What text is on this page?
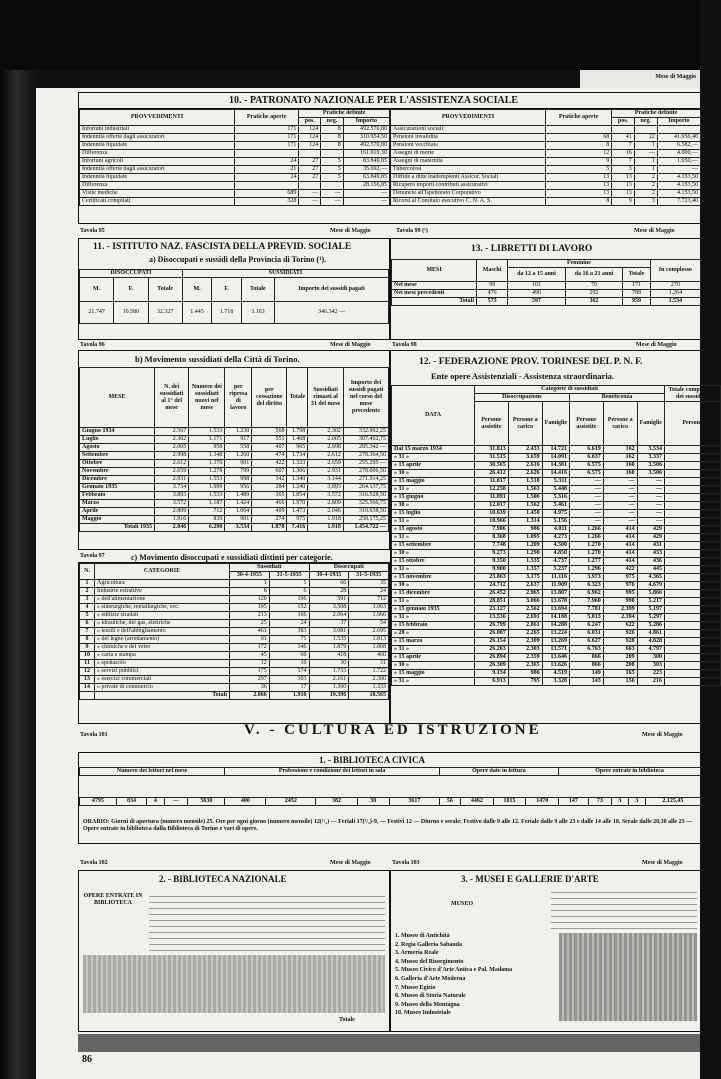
Mese di Maggio
10. - PATRONATO NAZIONALE PER L'ASSISTENZA SOCIALE
PROVVEDIMENTI	Pratiche aperte	Pratiche definite		
		pos.	neg.	Importo
Infortuni industriali	171	124	8	492.570,80
Indennità offerte dagli assicuratori	171	124	8	310.954,50
Indennità liquidate	171	124	8	492.570,80
Differenza				161.919,30
Infortuni agricoli	24	27	5	83.849,85
Indennità offerte dagli assicuratori	21	27	5	35.692,—
Indennità liquidate	24	27	5	63.849,85
Differenza				28.156,85
Visite mediche	689	—	—	—
Certificati compilati	328	—	—	—
PROVVEDIMENTI	Pratiche aperte	Pratiche definite		
		pos.	neg.	Importo
Assicurazioni sociali:				
Pensioni invalidità	68	41	22	41.056,40
Pensioni vecchiaia	8	7	1	6.582,—
Assegni di morte	12	16	—	4.000,—
Assegni di maternità	9	7	1	1.050,—
Tubercolosi	5	3	1	—
Diffide a ditte inadempienti Assicur. Sociali	13	13	2	4.153,50
Ricupero importi contributi assicurativi	13	13	2	4.153,50
Denuncie all'Ispettorato Corporativo	13	13	2	4.153,50
Ricorsi al Comitato esecutivo C. N. A. S.	8	9	3	7.723,40
Tavola 95	Mese di Maggio	Tavola 99 (¹)	Mese di Maggio
11. - ISTITUTO NAZ. FASCISTA DELLA PREVID. SOCIALE
a) Disoccupati e sussidi della Provincia di Torino (¹).
DISOCCUPATI			SUSSIDIATI			
M.	F.	Totale	M.	F.	Totale	Importo dei sussidi pagati
21.747	10.580	32.327	1.445	1.718	3.163	346.342 —
Tavola 96	Mese di Maggio
13. - LIBRETTI DI LAVORO
MESI	Maschi	Femmine			In complesso
		da 12 a 15 anni	da 16 a 21 anni	Totale	
Nel mese	99	101	70	171	270
Nei mesi precedenti	476	496	292	788	1.264
Totali	575	597	362	959	1.534
Tavola 98	Mese di Maggio
b) Movimento sussidiati della Città di Torino.
MESE	N. dei sussidiati al 1° del mese	Numero dei sussidiati nuovi nel mese	per ripresa di lavoro	per cessazione del diritto	Totale	Sussidiati rimasti al 31 del mese	Importo dei sussidi pagati nel corso del mese precedente
Giugno 1934	2.567	1.533	1.230	568	1.798	2.302	332.962,25
Luglio	2.302	1.171	917	551	1.468	2.005	307.462,75
Agosto	2.005	958	558	407	965	2.998	285.342 —
Settembre	2.998	1.348	1.260	474	1.734	2.612	278.364,50
Ottobre	2.612	1.370	901	422	1.323	2.659	255.295 —
Novembre	2.659	1.278	799	607	1.306	2.931	278.006,50
Dicembre	2.931	1.553	998	342	1.340	3.144	271.914,25
Gennaio 1935	3.734	1.999	956	284	1.240	3.893	264.137,75
Febbraio	3.893	1.533	1.489	365	1.854	3.572	316.528,50
Marzo	3.572	1.187	1.424	466	1.970	2.809	325.566,75
Aprile	2.809	712	1.064	409	1.473	2.046	310.638,50
Maggio	1.916	839	901	274	975	1.918	258.175,25
Totali 1935	2.046	6.290	3.534	1.878	7.416	1.918	1.454.722 —
Tavola 97	c) Movimento disoccupati e sussidiati distinti per categorie.
N.	CATEGORIE	Sussidiati		Disoccupati	
		30-4-1935	31-5-1935	30-4-1935	31-5-1935
1	Agricoltura	1	1	66	35
2	Industrie estrattive	8	6	28	24
3	» dell'alimentazione	120	196	591	712
4	» siderurgiche, metallurgiche, ecc.	195	152	3.508	3.063
5	» edilizie stradali	213	166	2.064	1.966
6	» idrauliche, del gas, elettriche	25	24	37	54
7	» tessili e dell'abbigliamento	461	383	3.081	2.695
8	» del legno (arredamento)	91	71	1.535	1.813
9	» chimiche e del vetro	172	146	1.879	1.068
10	» carta e stampa	45	60	418	460
11	» spettacolo	12	10	30	31
12	» servizi pubblici	175	174	1.733	1.722
13	» esercizi commerciali	297	303	2.161	2.300
14	» private di commercio	36	17	1.360	1.333
	Totali	2.066	1.910	19.396	18.565
12. - FEDERAZIONE PROV. TORINESE DEL P. N. F.
Ente opere Assistenziali - Assistenza straordinaria.
DATA	Categorie di sussidiati						Totale complessivo dei sussidiati
	Disoccupazione			Beneficenza			
	Persone assistite	Persone a carico	Famiglie	Persone assistite	Persone a carico	Famiglie	Persone
Dal 15 marzo 1934	31.813	2.433	14.721	6.619	162	3.534	39.267
» 31 »	31.515	3.659	14.091	6.637	162	3.337	39.663
» 15 aprile	30.565	2.616	14.381	6.575	160	3.506	38.474
» 30 »	26.412	2.626	14.416	6.575	160	3.506	38.553
» 15 maggio	11.817	1.510	5.311	—	—	—	13.327
» 31 »	12.258	1.563	5.448	—	—	—	13.821
» 15 giugno	11.891	1.506	5.316	—	—	—	13.395
» 30 »	12.017	1.562	5.461	—	—	—	13.579
» 15 luglio	10.639	1.450	4.975	—	—	—	12.089
» 31 »	10.966	1.314	5.156	—	—	—	12.280
» 15 agosto	7.906	986	4.011	1.266	414	429	10.663
» 31 »	8.368	1.095	4.273	1.266	414	429	11.163
» 15 settembre	7.748	1.209	4.500	1.270	414	431	10.661
» 30 »	9.273	1.290	4.850	1.270	414	433	12.267
» 15 ottobre	9.350	1.335	4.737	1.277	414	436	12.136
» 31 »	9.900	1.357	5.237	1.296	422	445	12.857
» 15 novembre	23.863	3.175	11.116	3.973	975	4.365	28.066
» 30 »	24.712	2.637	11.909	6.323	976	4.679	34.661
» 15 dicembre	26.452	2.965	13.807	6.962	995	5.866	37.754
» 31 »	28.851	3.066	13.678	7.960	990	5.217	39.153
» 15 gennaio 1935	23.127	2.562	13.694	7.781	2.399	5.197	40.211
» 31 »	13.536	2.691	14.188	5.813	2.394	5.297	41.163
» 15 febbraio	26.799	2.861	14.288	6.247	622	5.286	37.920
» 28 »	26.087	2.265	13.224	6.031	926	4.861	36.419
» 15 marzo	26.154	2.309	13.269	6.627	928	4.828	36.211
» 31 »	26.263	2.303	13.571	6.763	663	4.797	36.323
» 15 aprile	26.894	2.359	13.646	866	209	300	27.712
» 30 »	26.309	2.365	13.626	866	208	303	27.103
» 15 maggio	9.134	986	4.519	149	165	223	10.816
» 31 »	6.913	795	3.328	143	156	216	8.310
Tavola 101	Mese di Maggio
V. - CULTURA ED ISTRUZIONE
1. - BIBLIOTECA CIVICA
Numero dei lettori nel mese					Professione e condizione dei lettori in sala					Opere date in lettura				Opere entrate in biblioteca				

4795	834	4	—	5630	400	2452	382	38	3617	56	4462	1015	1470	147	73	3	3	2.125,45
ORARIO: Giorni di apertura (numero mensile) 25. Ore per ogni giorno (numero mensile) 12(¹/₂) — Feriali 17(¹/₂)-9, — Festivi 12 — Diurno e serale: Festivo dalle 9 alle 12. Feriale dalle 9 alle 23 e dalle 14 alle 18. Serale dalle 20,30 alle 23 — Opere entrate in biblioteca dalla Biblioteca di Torino e vari di opere.
Tavola 102	Mese di Maggio
2. - BIBLIOTECA NAZIONALE
OPERE ENTRATE IN BIBLIOTECA
Totale
Tavola 103	Mese di Maggio
3. - MUSEI E GALLERIE D'ARTE
MUSEO
1. Museo di Antichità
2. Regia Galleria Sabauda
3. Armeria Reale
4. Museo del Risorgimento
5. Museo Civico d'Arte Antica e Pal. Madama
6. Galleria d'Arte Moderna
7. Museo Egizio
8. Museo di Storia Naturale
9. Museo della Montagna
10. Museo Industriale
86
